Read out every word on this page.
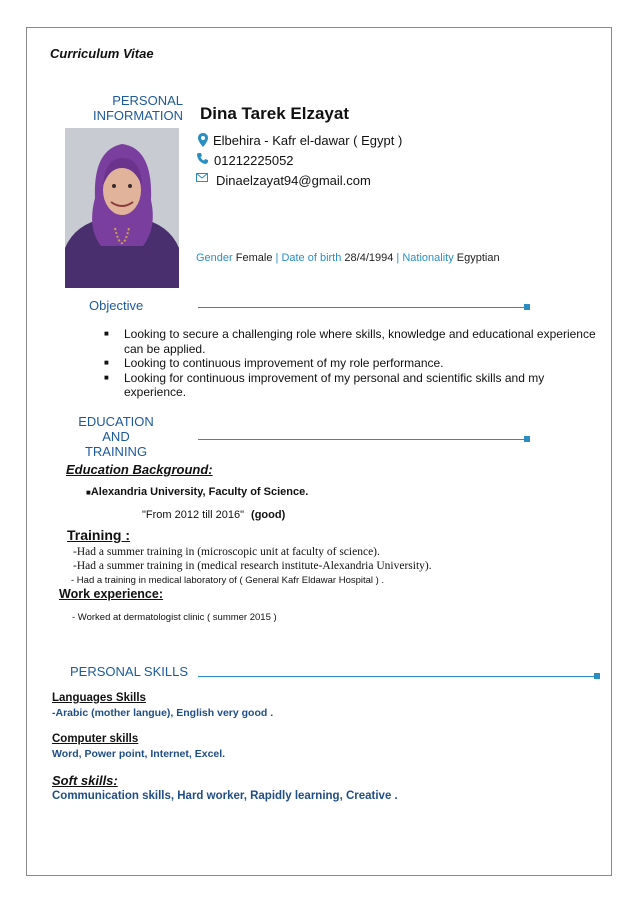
Curriculum Vitae
PERSONAL
INFORMATION Dina Tarek Elzayat
Elbehira - Kafr el-dawar ( Egypt )
01212225052
Dinaelzayat94@gmail.com
Gender Female | Date of birth 28/4/1994 | Nationality Egyptian
Objective
■ Looking to secure a challenging role where skills, knowledge and educational experience can be applied.
■ Looking to continuous improvement of my role performance.
■ Looking for continuous improvement of my personal and scientific skills and my experience.
EDUCATION AND
TRAINING
Education Background:
■Alexandria University, Faculty of Science.
"From 2012 till 2016" (good)
Training :
-Had a summer training in (microscopic unit at faculty of science).
-Had a summer training in (medical research institute-Alexandria University).
- Had a training in medical laboratory of ( General Kafr Eldawar Hospital ) .
Work experience:
- Worked at dermatologist clinic ( summer 2015 )
PERSONAL SKILLS
Languages Skills
-Arabic (mother langue), English very good .
Computer skills
Word, Power point, Internet, Excel.
Soft skills:
Communication skills, Hard worker, Rapidly learning, Creative .
